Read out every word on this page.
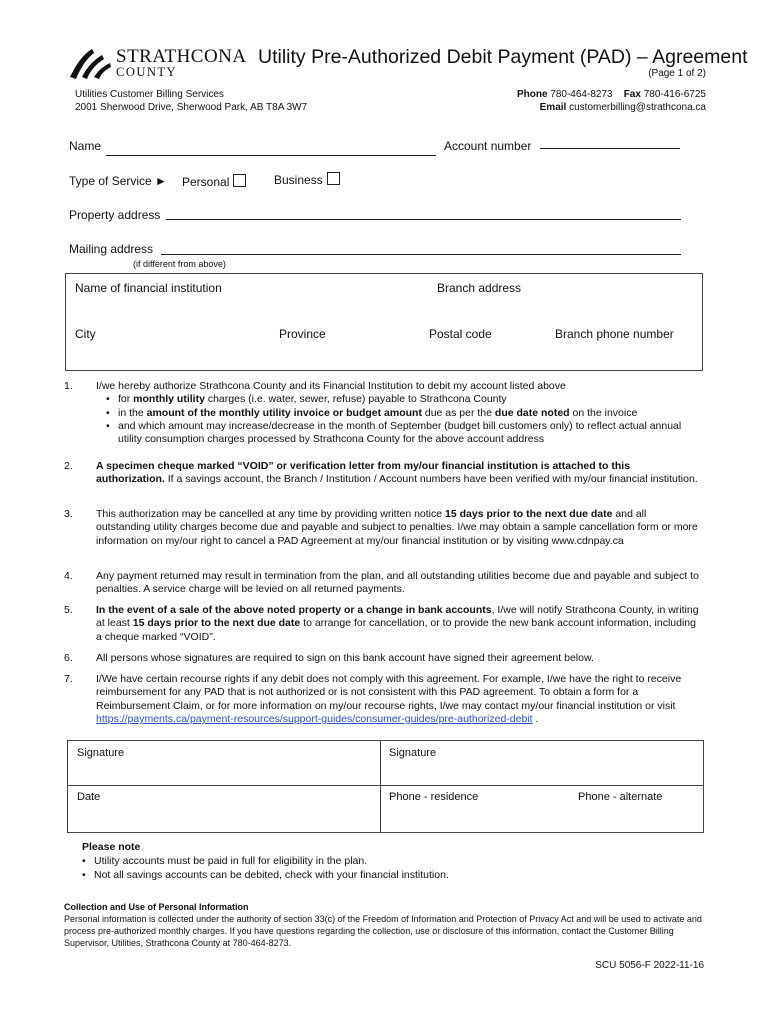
STRATHCONA
COUNTY
Utility Pre-Authorized Debit Payment (PAD) – Agreement
(Page 1 of 2)
Utilities Customer Billing Services
2001 Sherwood Drive, Sherwood Park, AB T8A 3W7
Phone 780-464-8273 Fax 780-416-6725
Email customerbilling@strathcona.ca
Name	Account number
Type of Service ► Personal	Business
Property address
Mailing address
(if different from above)
Name of financial institution	Branch address
City	Province	Postal code	Branch phone number
1. I/we hereby authorize Strathcona County and its Financial Institution to debit my account listed above
• for monthly utility charges (i.e. water, sewer, refuse) payable to Strathcona County
• in the amount of the monthly utility invoice or budget amount due as per the due date noted on the invoice
• and which amount may increase/decrease in the month of September (budget bill customers only) to reflect actual annual utility consumption charges processed by Strathcona County for the above account address
2. A specimen cheque marked “VOID” or verification letter from my/our financial institution is attached to this authorization. If a savings account, the Branch / Institution / Account numbers have been verified with my/our financial institution.
3. This authorization may be cancelled at any time by providing written notice 15 days prior to the next due date and all outstanding utility charges become due and payable and subject to penalties. I/we may obtain a sample cancellation form or more information on my/our right to cancel a PAD Agreement at my/our financial institution or by visiting www.cdnpay.ca
4. Any payment returned may result in termination from the plan, and all outstanding utilities become due and payable and subject to penalties. A service charge will be levied on all returned payments.
5. In the event of a sale of the above noted property or a change in bank accounts, I/we will notify Strathcona County, in writing at least 15 days prior to the next due date to arrange for cancellation, or to provide the new bank account information, including a cheque marked “VOID”.
6. All persons whose signatures are required to sign on this bank account have signed their agreement below.
7. I/We have certain recourse rights if any debit does not comply with this agreement. For example, I/we have the right to receive reimbursement for any PAD that is not authorized or is not consistent with this PAD agreement. To obtain a form for a Reimbursement Claim, or for more information on my/our recourse rights, I/we may contact my/our financial institution or visit https://payments.ca/payment-resources/support-guides/consumer-guides/pre-authorized-debit .
Signature	Signature
Date	Phone - residence	Phone - alternate
Please note
• Utility accounts must be paid in full for eligibility in the plan.
• Not all savings accounts can be debited, check with your financial institution.
Collection and Use of Personal Information
Personal information is collected under the authority of section 33(c) of the Freedom of Information and Protection of Privacy Act and will be used to activate and process pre-authorized monthly charges. If you have questions regarding the collection, use or disclosure of this information, contact the Customer Billing Supervisor, Utilities, Strathcona County at 780-464-8273.
SCU 5056-F 2022-11-16
